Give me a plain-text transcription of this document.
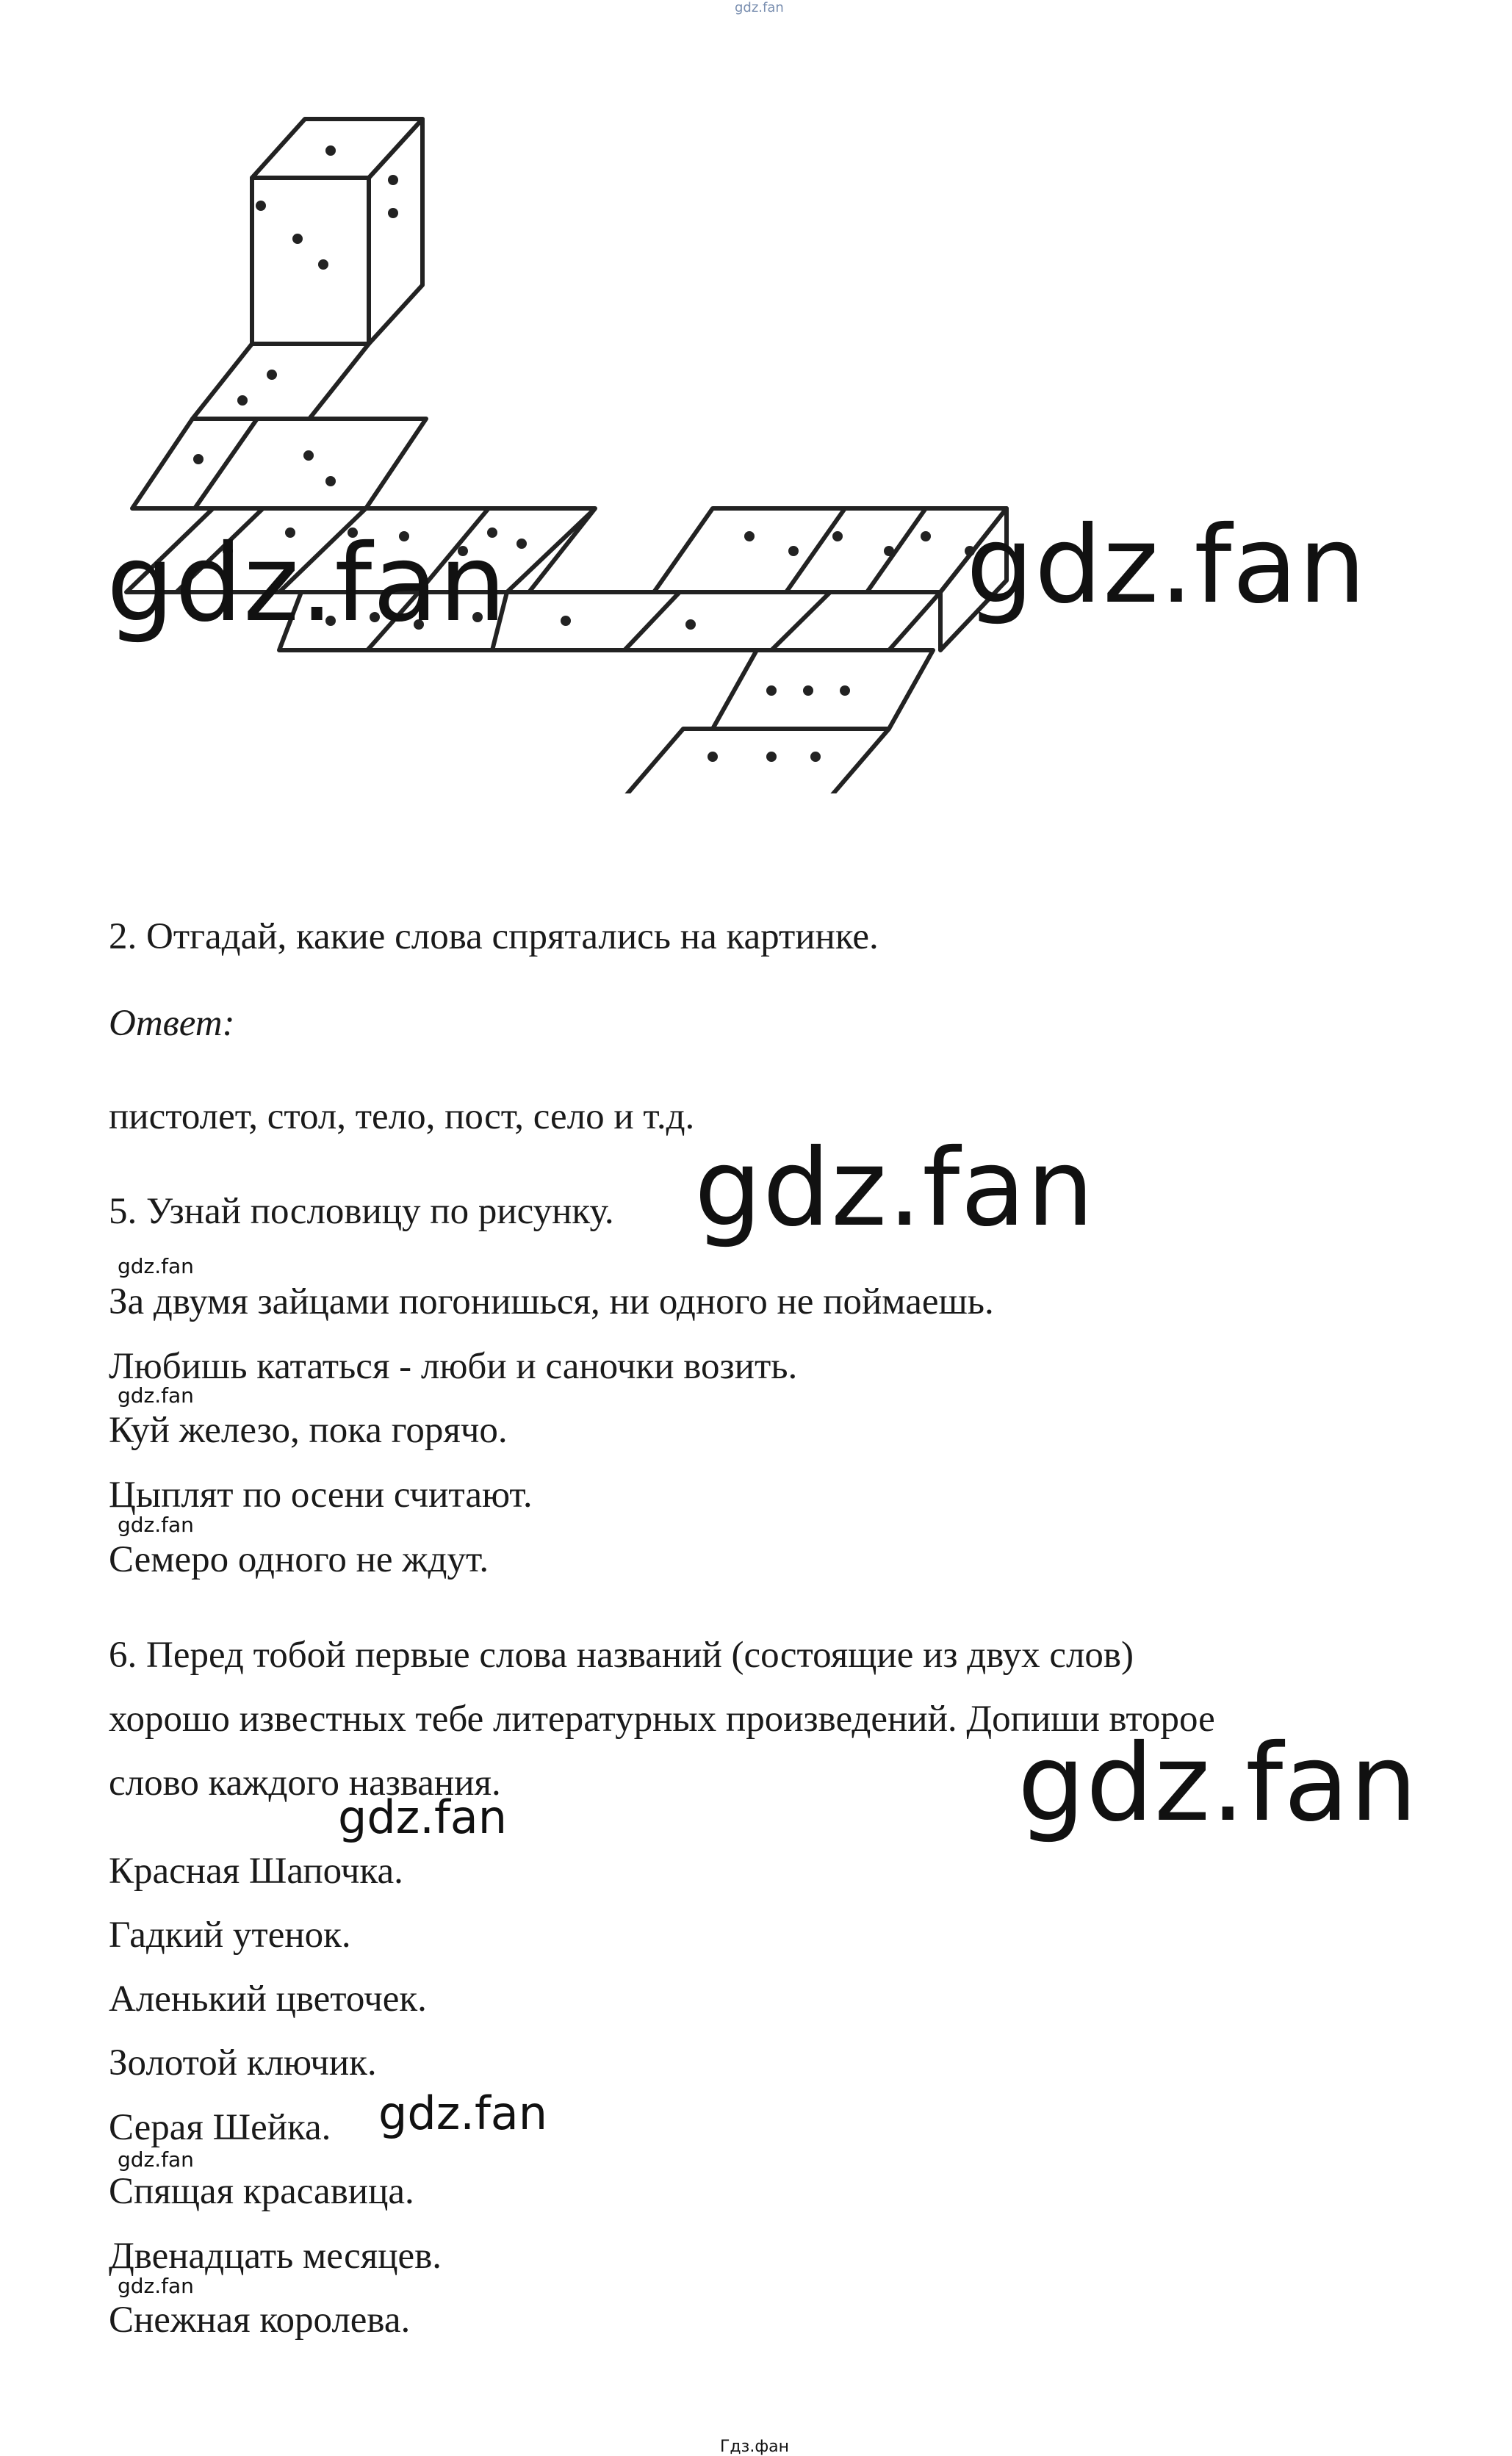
gdz.fan
gdz.fan	gdz.fan
2. Отгадай, какие слова спрятались на картинке.
Ответ:
пистолет, стол, тело, пост, село и т.д.
5. Узнай пословицу по рисунку. gdz.fan
gdz.fan
За двумя зайцами погонишься, ни одного не поймаешь.
Любишь кататься - люби и саночки возить.
gdz.fan
Куй железо, пока горячо.
Цыплят по осени считают.
gdz.fan
Семеро одного не ждут.
6. Перед тобой первые слова названий (состоящие из двух слов)
хорошо известных тебе литературных произведений. Допиши второе
слово каждого названия.	gdz.fan
gdz.fan
Красная Шапочка.
Гадкий утенок.
Аленький цветочек.
Золотой ключик.
Серая Шейка. gdz.fan
gdz.fan
Спящая красавица.
Двенадцать месяцев.
gdz.fan
Снежная королева.
Гдз.фан
